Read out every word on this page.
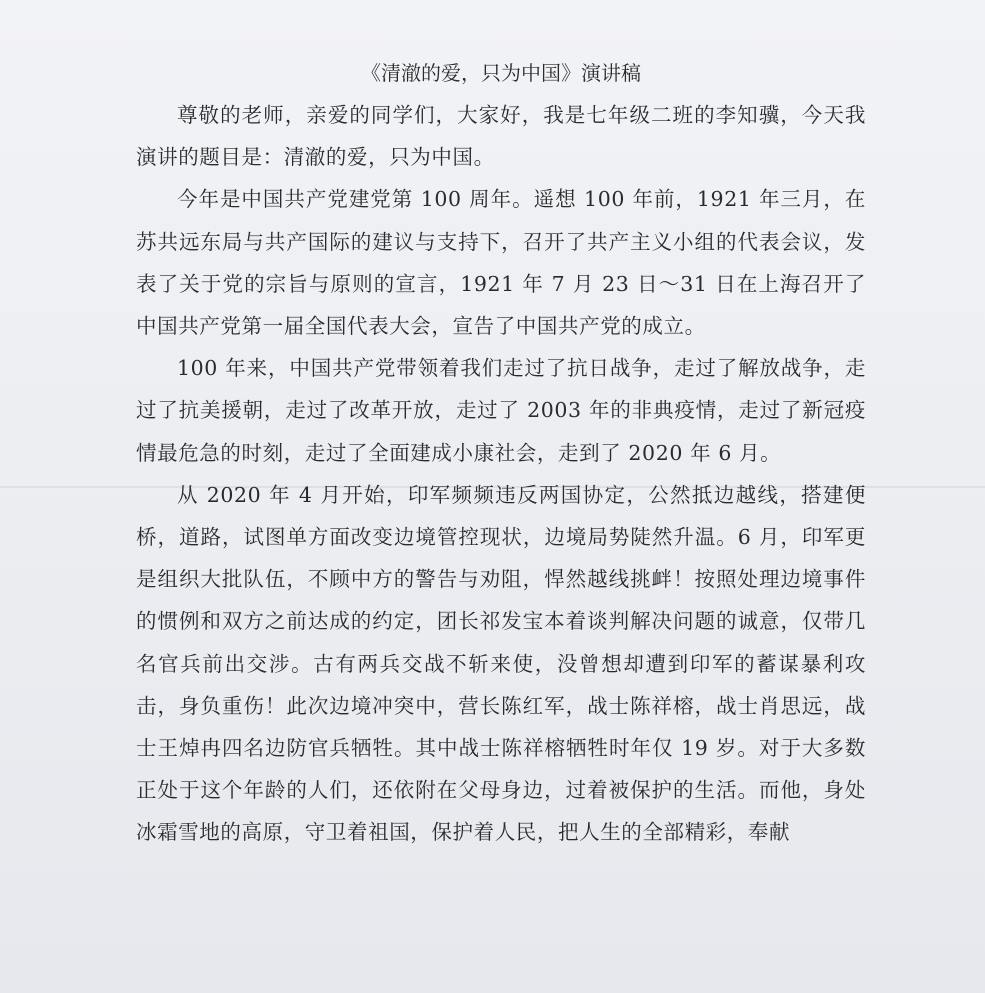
《清澈的爱，只为中国》演讲稿

尊敬的老师，亲爱的同学们，大家好，我是七年级二班的李知骥，今天我演讲的题目是：清澈的爱，只为中国。

今年是中国共产党建党第 100 周年。遥想 100 年前，1921 年三月，在苏共远东局与共产国际的建议与支持下，召开了共产主义小组的代表会议，发表了关于党的宗旨与原则的宣言，1921 年 7 月 23 日～31 日在上海召开了中国共产党第一届全国代表大会，宣告了中国共产党的成立。

100 年来，中国共产党带领着我们走过了抗日战争，走过了解放战争，走过了抗美援朝，走过了改革开放，走过了 2003 年的非典疫情，走过了新冠疫情最危急的时刻，走过了全面建成小康社会，走到了 2020 年 6 月。

从 2020 年 4 月开始，印军频频违反两国协定，公然抵边越线，搭建便桥，道路，试图单方面改变边境管控现状，边境局势陡然升温。6 月，印军更是组织大批队伍，不顾中方的警告与劝阻，悍然越线挑衅！按照处理边境事件的惯例和双方之前达成的约定，团长祁发宝本着谈判解决问题的诚意，仅带几名官兵前出交涉。古有两兵交战不斩来使，没曾想却遭到印军的蓄谋暴利攻击，身负重伤！此次边境冲突中，营长陈红军，战士陈祥榕，战士肖思远，战士王焯冉四名边防官兵牺牲。其中战士陈祥榕牺牲时年仅 19 岁。对于大多数正处于这个年龄的人们，还依附在父母身边，过着被保护的生活。而他，身处冰霜雪地的高原，守卫着祖国，保护着人民，把人生的全部精彩，奉献
